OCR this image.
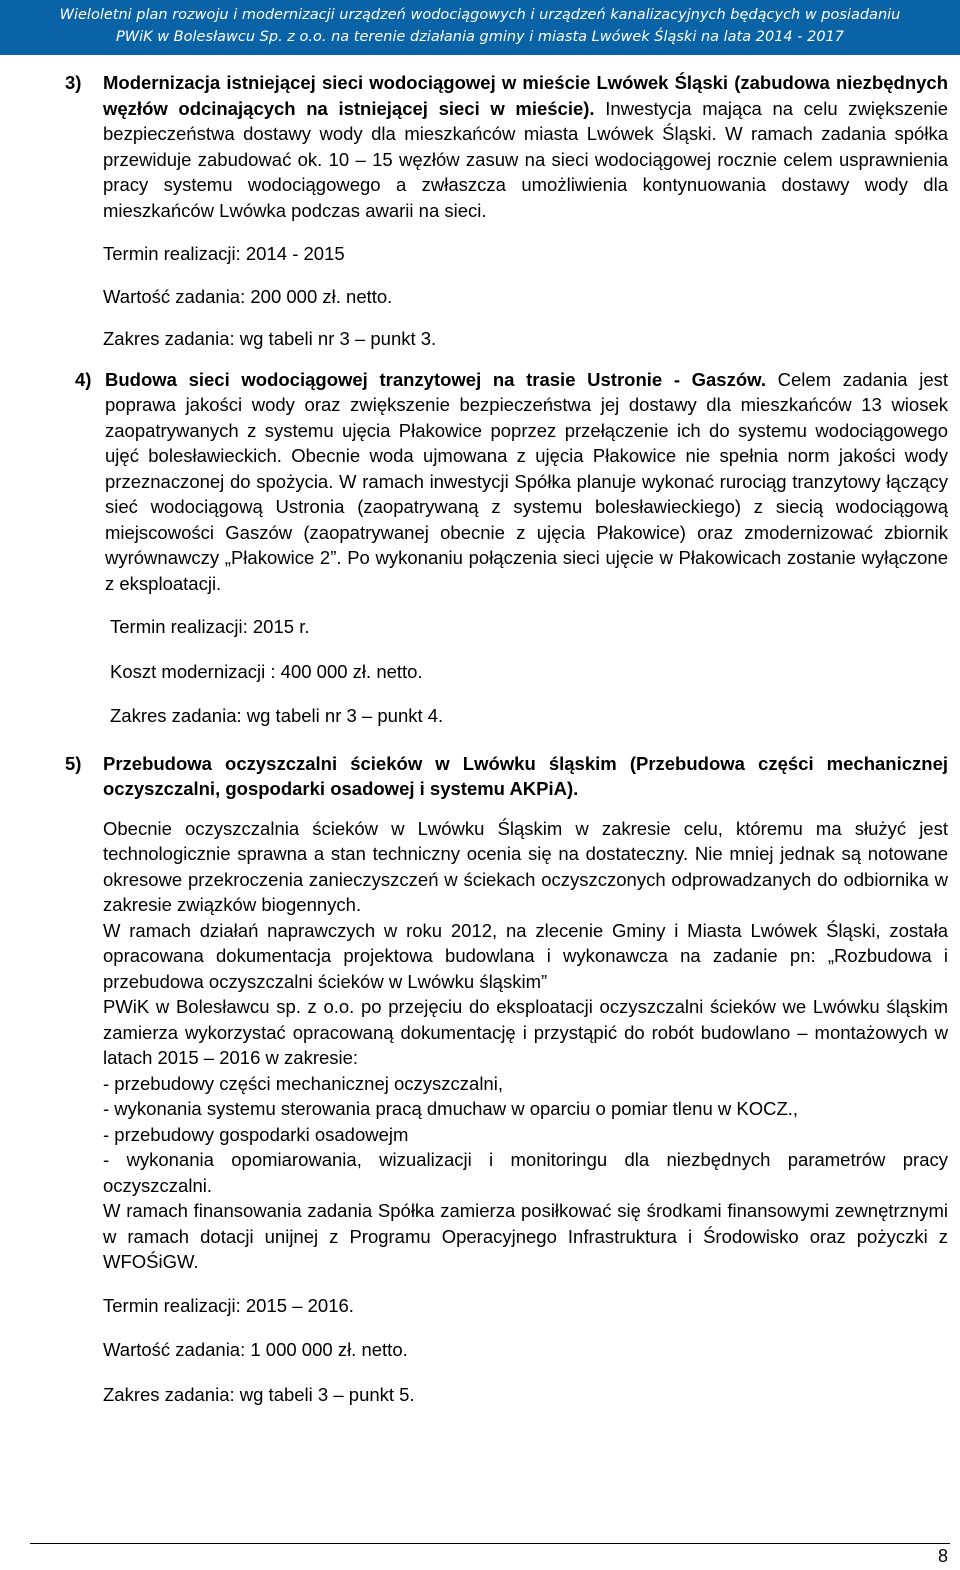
Wieloletni plan rozwoju i modernizacji urządzeń wodociągowych i urządzeń kanalizacyjnych będących w posiadaniu
PWiK w Bolesławcu Sp. z o.o. na terenie działania gminy i miasta Lwówek Śląski na lata 2014 - 2017
3) Modernizacja istniejącej sieci wodociągowej w mieście Lwówek Śląski (zabudowa niezbędnych węzłów odcinających na istniejącej sieci w mieście). Inwestycja mająca na celu zwiększenie bezpieczeństwa dostawy wody dla mieszkańców miasta Lwówek Śląski. W ramach zadania spółka przewiduje zabudować ok. 10 – 15 węzłów zasuw na sieci wodociągowej rocznie celem usprawnienia pracy systemu wodociągowego a zwłaszcza umożliwienia kontynuowania dostawy wody dla mieszkańców Lwówka podczas awarii na sieci.

Termin realizacji: 2014 - 2015

Wartość zadania: 200 000 zł. netto.

Zakres zadania: wg tabeli nr 3 – punkt 3.

4) Budowa sieci wodociągowej tranzytowej na trasie Ustronie - Gaszów. Celem zadania jest poprawa jakości wody oraz zwiększenie bezpieczeństwa jej dostawy dla mieszkańców 13 wiosek zaopatrywanych z systemu ujęcia Płakowice poprzez przełączenie ich do systemu wodociągowego ujęć bolesławieckich. Obecnie woda ujmowana z ujęcia Płakowice nie spełnia norm jakości wody przeznaczonej do spożycia. W ramach inwestycji Spółka planuje wykonać rurociąg tranzytowy łączący sieć wodociągową Ustronia (zaopatrywaną z systemu bolesławieckiego) z siecią wodociągową miejscowości Gaszów (zaopatrywanej obecnie z ujęcia Płakowice) oraz zmodernizować zbiornik wyrównawczy „Płakowice 2”. Po wykonaniu połączenia sieci ujęcie w Płakowicach zostanie wyłączone z eksploatacji.

Termin realizacji: 2015 r.

Koszt modernizacji : 400 000 zł. netto.

Zakres zadania: wg tabeli nr 3 – punkt 4.

5) Przebudowa oczyszczalni ścieków w Lwówku śląskim (Przebudowa części mechanicznej oczyszczalni, gospodarki osadowej i systemu AKPiA).

Obecnie oczyszczalnia ścieków w Lwówku Śląskim w zakresie celu, któremu ma służyć jest technologicznie sprawna a stan techniczny ocenia się na dostateczny. Nie mniej jednak są notowane okresowe przekroczenia zanieczyszczeń w ściekach oczyszczonych odprowadzanych do odbiornika w zakresie związków biogennych.

W ramach działań naprawczych w roku 2012, na zlecenie Gminy i Miasta Lwówek Śląski, została opracowana dokumentacja projektowa budowlana i wykonawcza na zadanie pn: „Rozbudowa i przebudowa oczyszczalni ścieków w Lwówku śląskim”

PWiK w Bolesławcu sp. z o.o. po przejęciu do eksploatacji oczyszczalni ścieków we Lwówku śląskim zamierza wykorzystać opracowaną dokumentację i przystąpić do robót budowlano – montażowych w latach 2015 – 2016 w zakresie:

- przebudowy części mechanicznej oczyszczalni,

- wykonania systemu sterowania pracą dmuchaw w oparciu o pomiar tlenu w KOCZ.,

- przebudowy gospodarki osadowejm

- wykonania opomiarowania, wizualizacji i monitoringu dla niezbędnych parametrów pracy oczyszczalni.

W ramach finansowania zadania Spółka zamierza posiłkować się środkami finansowymi zewnętrznymi w ramach dotacji unijnej z Programu Operacyjnego Infrastruktura i Środowisko oraz pożyczki z WFOŚiGW.

Termin realizacji: 2015 – 2016.

Wartość zadania: 1 000 000 zł. netto.

Zakres zadania: wg tabeli 3 – punkt 5.

8
